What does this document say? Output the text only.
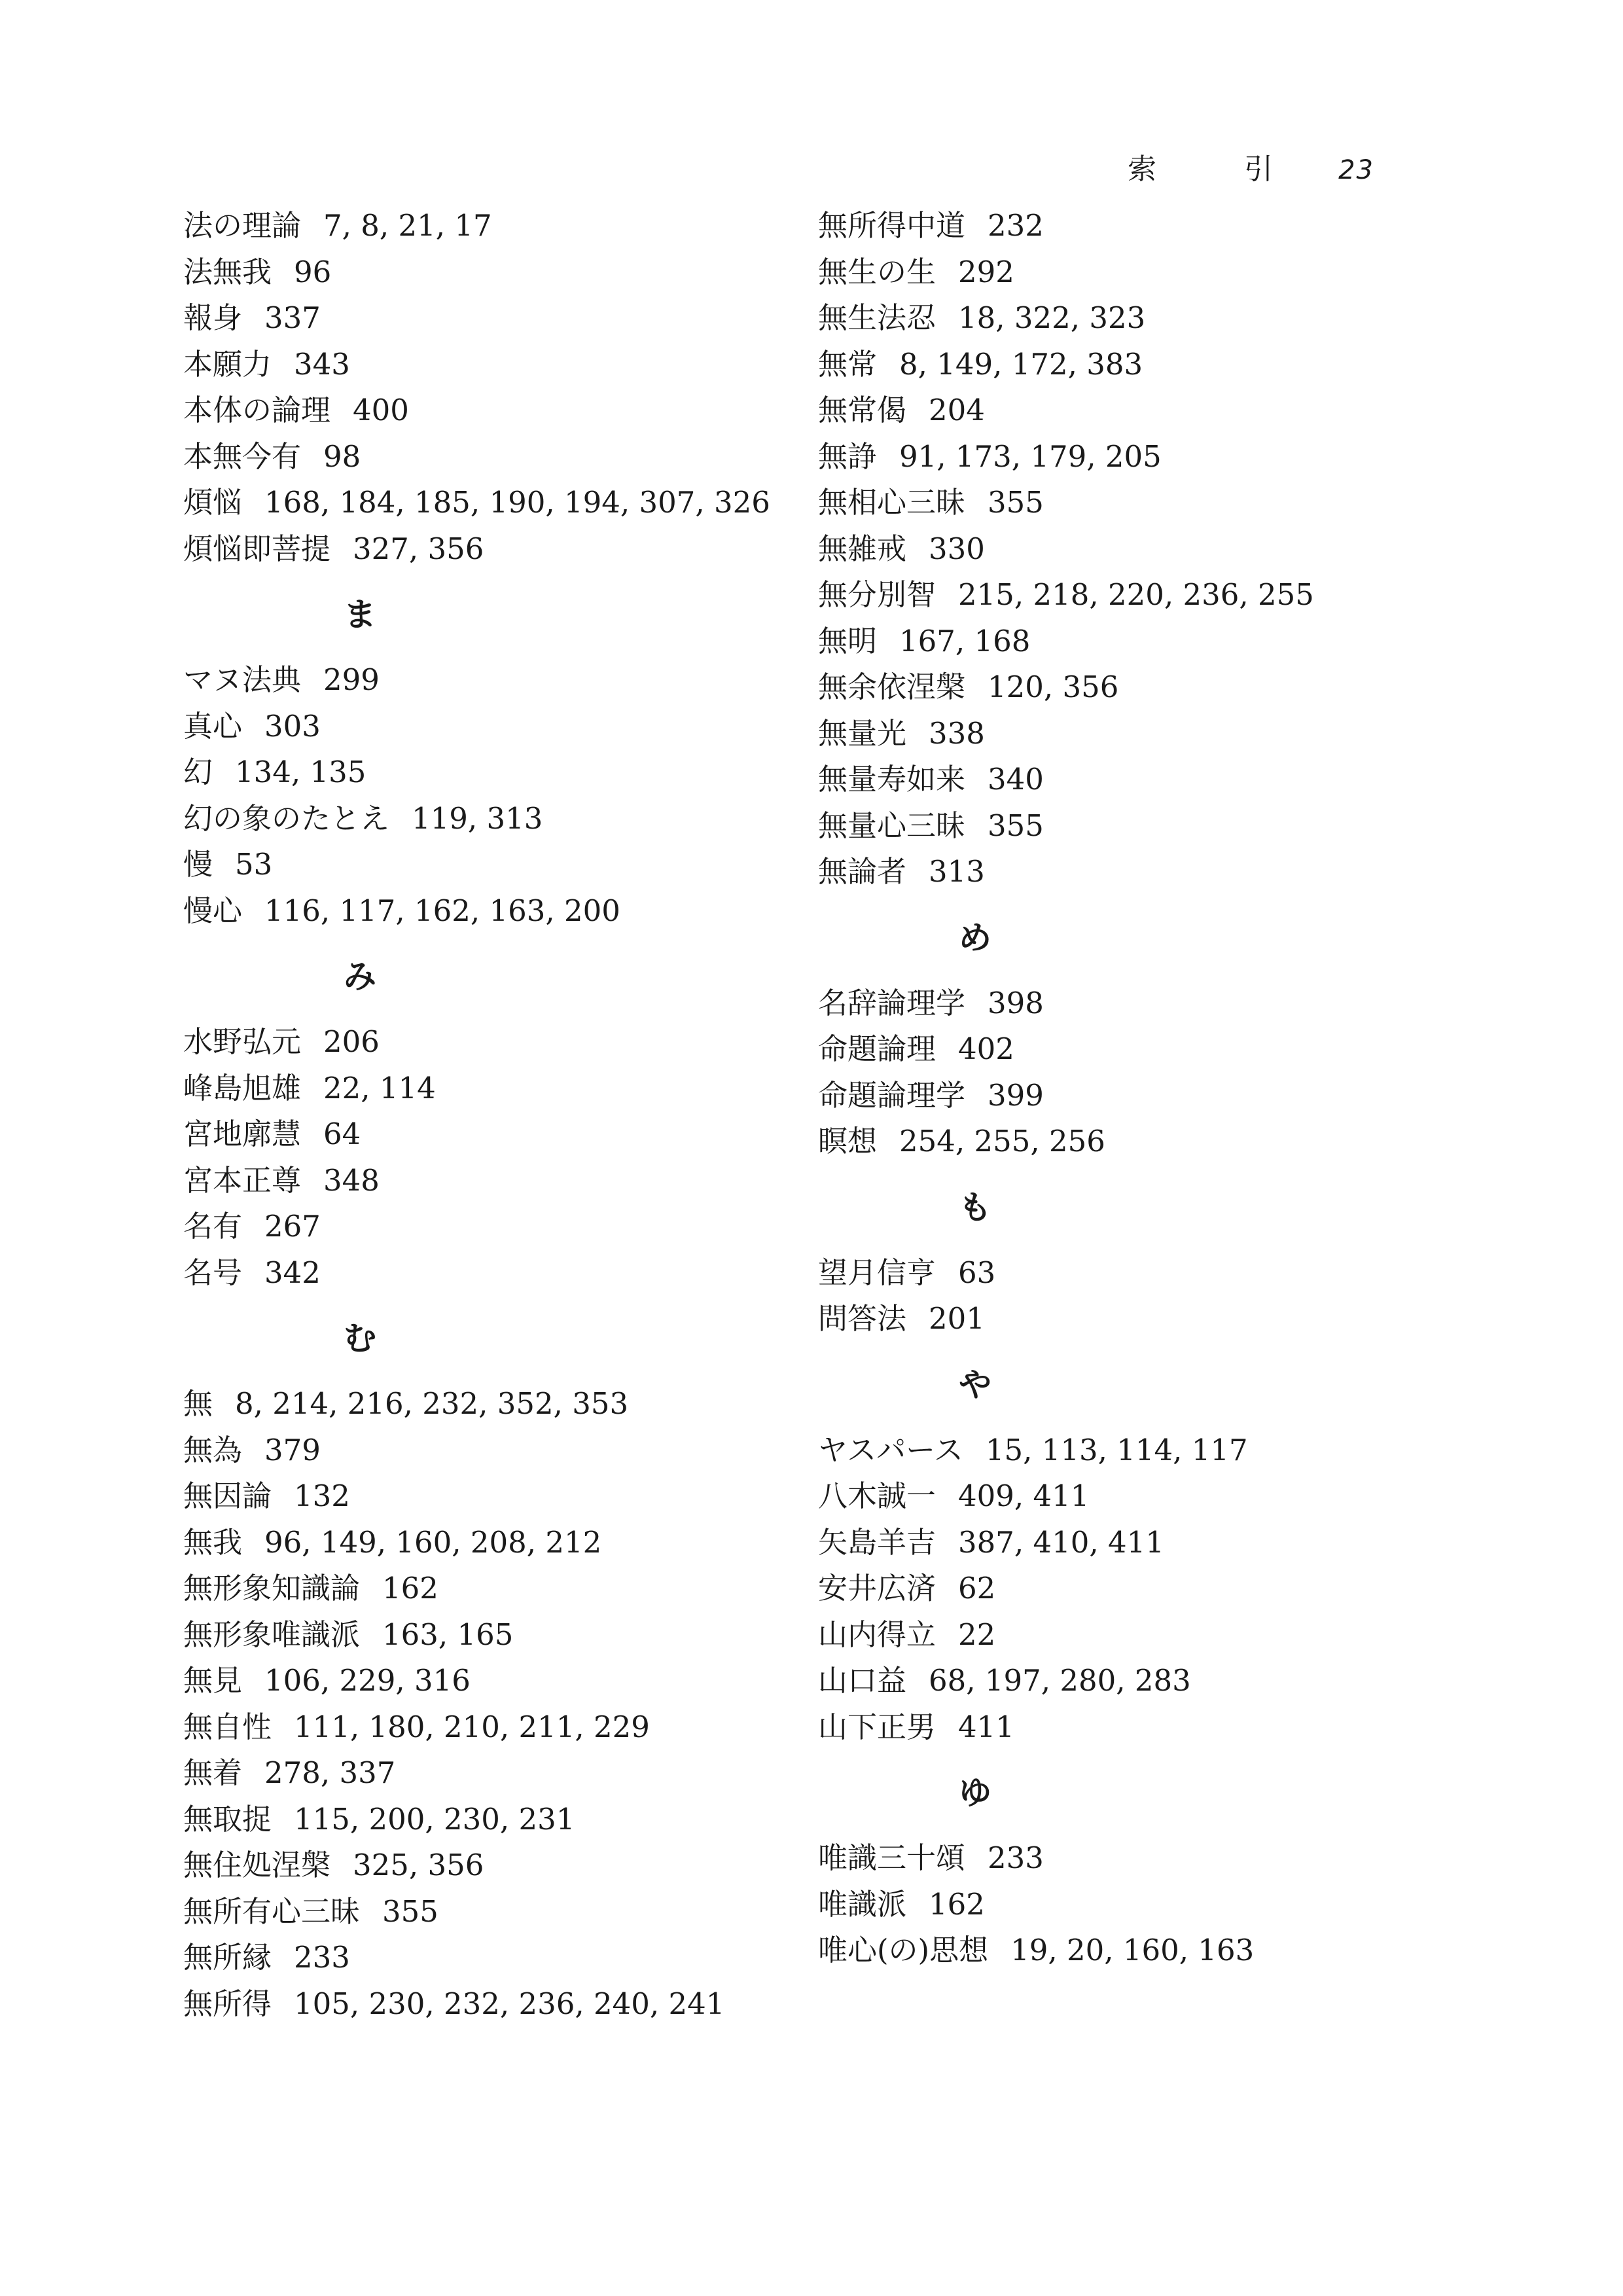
索 引 23
法の理論 7, 8, 21, 17
法無我 96
報身 337
本願力 343
本体の論理 400
本無今有 98
煩悩 168, 184, 185, 190, 194, 307, 326
煩悩即菩提 327, 356
ま
マヌ法典 299
真心 303
幻 134, 135
幻の象のたとえ 119, 313
慢 53
慢心 116, 117, 162, 163, 200
み
水野弘元 206
峰島旭雄 22, 114
宮地廓慧 64
宮本正尊 348
名有 267
名号 342
む
無 8, 214, 216, 232, 352, 353
無為 379
無因論 132
無我 96, 149, 160, 208, 212
無形象知識論 162
無形象唯識派 163, 165
無見 106, 229, 316
無自性 111, 180, 210, 211, 229
無着 278, 337
無取捉 115, 200, 230, 231
無住処涅槃 325, 356
無所有心三昧 355
無所縁 233
無所得 105, 230, 232, 236, 240, 241
無所得中道 232
無生の生 292
無生法忍 18, 322, 323
無常 8, 149, 172, 383
無常偈 204
無諍 91, 173, 179, 205
無相心三昧 355
無雑戒 330
無分別智 215, 218, 220, 236, 255
無明 167, 168
無余依涅槃 120, 356
無量光 338
無量寿如来 340
無量心三昧 355
無論者 313
め
名辞論理学 398
命題論理 402
命題論理学 399
瞑想 254, 255, 256
も
望月信亨 63
問答法 201
や
ヤスパース 15, 113, 114, 117
八木誠一 409, 411
矢島羊吉 387, 410, 411
安井広済 62
山内得立 22
山口益 68, 197, 280, 283
山下正男 411
ゆ
唯識三十頌 233
唯識派 162
唯心(の)思想 19, 20, 160, 163
